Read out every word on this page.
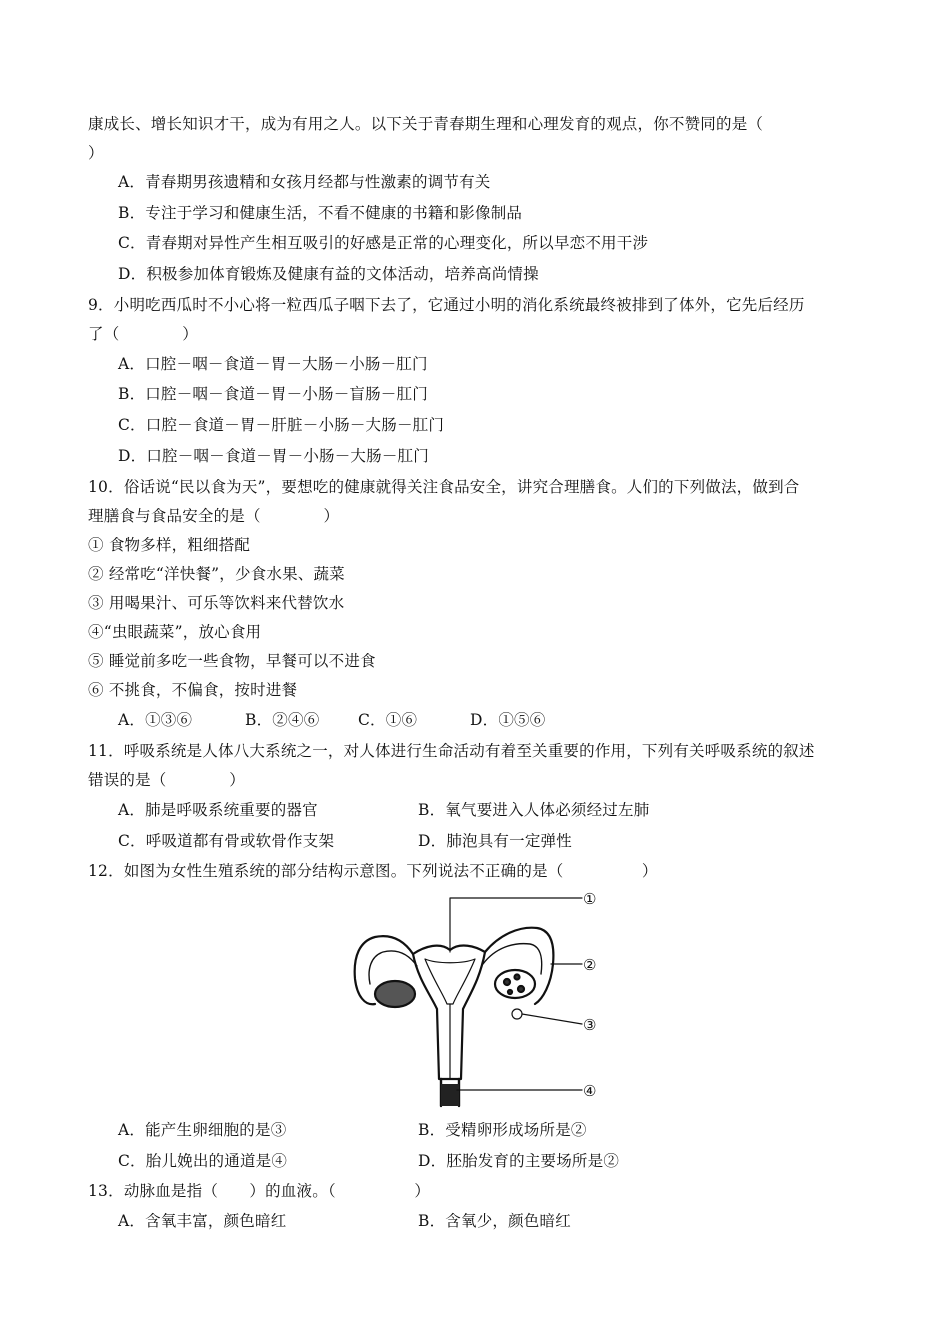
康成长、增长知识才干，成为有用之人。以下关于青春期生理和心理发育的观点，你不赞同的是（
）
A．青春期男孩遗精和女孩月经都与性激素的调节有关
B．专注于学习和健康生活，不看不健康的书籍和影像制品
C．青春期对异性产生相互吸引的好感是正常的心理变化，所以早恋不用干涉
D．积极参加体育锻炼及健康有益的文体活动，培养高尚情操
9．小明吃西瓜时不小心将一粒西瓜子咽下去了，它通过小明的消化系统最终被排到了体外，它先后经历
了（　　　　）
A．口腔－咽－食道－胃－大肠－小肠－肛门
B．口腔－咽－食道－胃－小肠－盲肠－肛门
C．口腔－食道－胃－肝脏－小肠－大肠－肛门
D．口腔－咽－食道－胃－小肠－大肠－肛门
10．俗话说“民以食为天”，要想吃的健康就得关注食品安全，讲究合理膳食。人们的下列做法，做到合
理膳食与食品安全的是（　　　　）
① 食物多样，粗细搭配
② 经常吃“洋快餐”，少食水果、蔬菜
③ 用喝果汁、可乐等饮料来代替饮水
④“虫眼蔬菜”，放心食用
⑤ 睡觉前多吃一些食物，早餐可以不进食
⑥ 不挑食，不偏食，按时进餐
A．①③⑥	B．②④⑥ C．①⑥	D．①⑤⑥
11．呼吸系统是人体八大系统之一，对人体进行生命活动有着至关重要的作用，下列有关呼吸系统的叙述
错误的是（　　　　）
A．肺是呼吸系统重要的器官	B．氧气要进入人体必须经过左肺
C．呼吸道都有骨或软骨作支架	D．肺泡具有一定弹性
12．如图为女性生殖系统的部分结构示意图。下列说法不正确的是（　　　　　）
①
②
③
④
A．能产生卵细胞的是③	B．受精卵形成场所是②
C．胎儿娩出的通道是④	D．胚胎发育的主要场所是②
13．动脉血是指（　　）的血液。（　　　　　）
A．含氧丰富，颜色暗红	B．含氧少，颜色暗红
